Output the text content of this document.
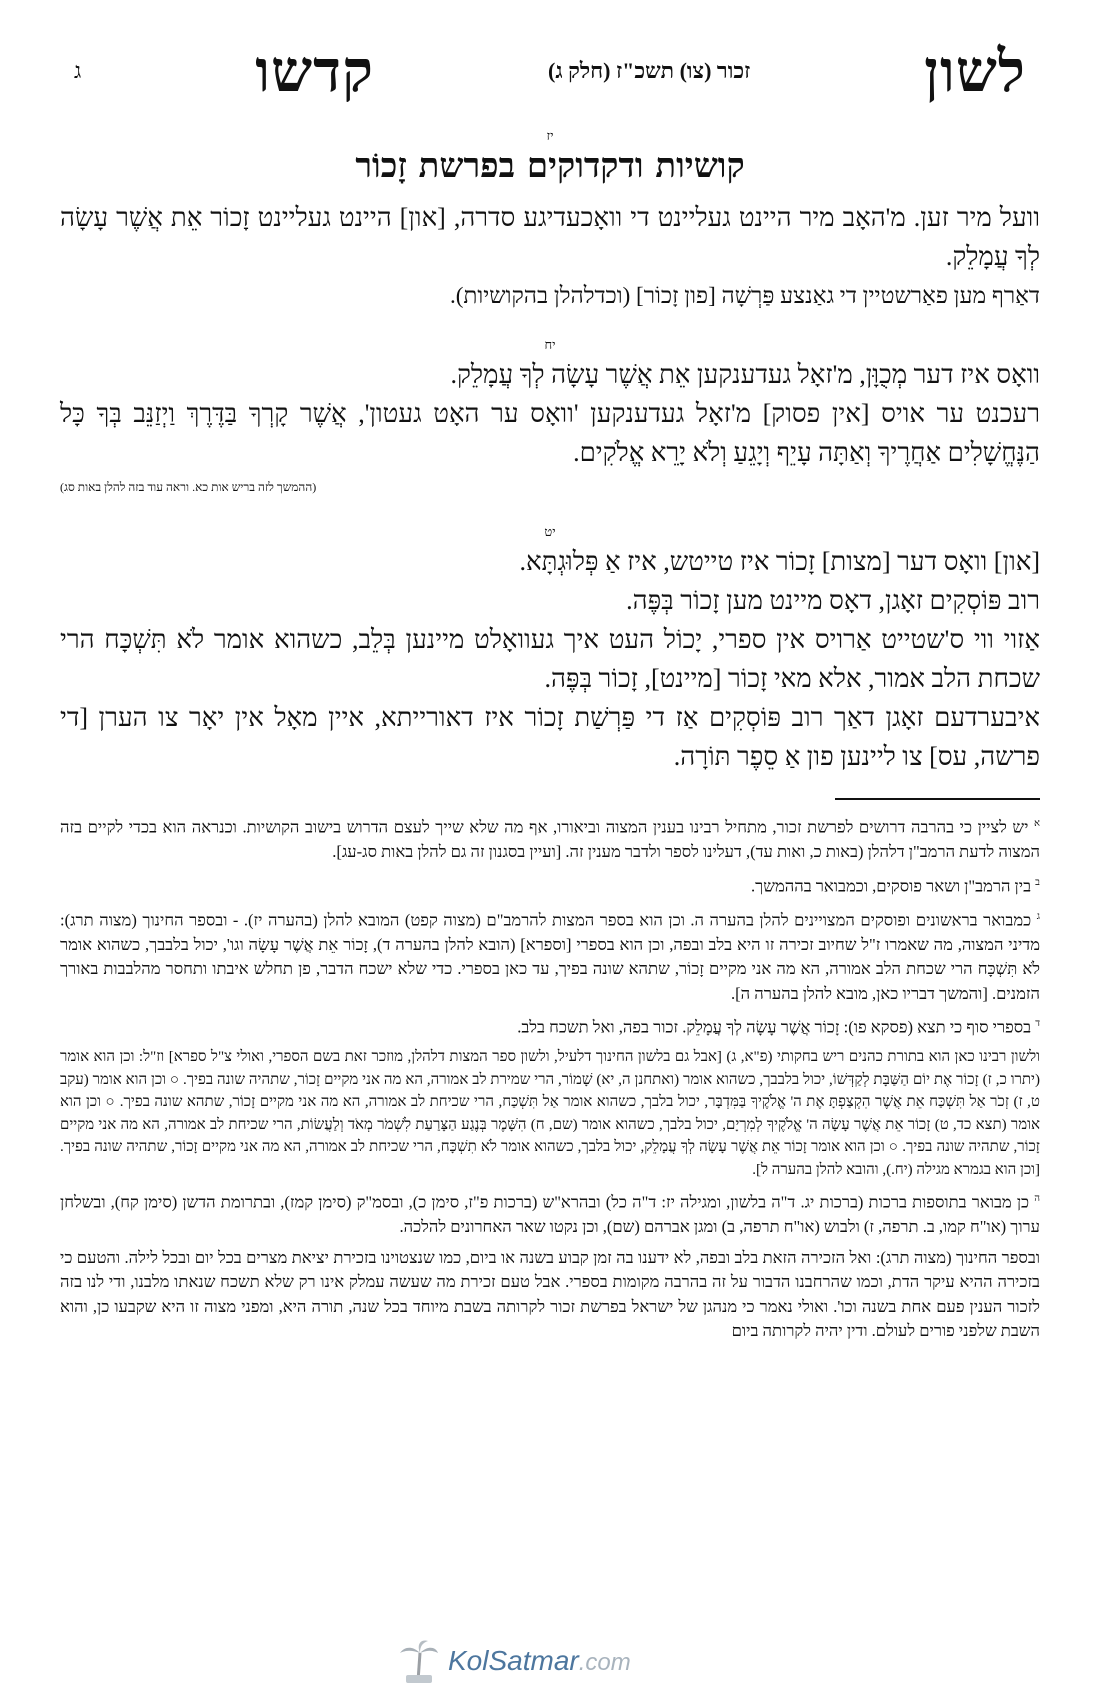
לשון
זכור (צו) תשכ"ז (חלק ג)
קדשו
ג
יז
קושיות ודקדוקים בפרשת זָכוֹר

וועל מיר זען. מ'האָב מיר היינט געליינט די וואָכעדיגע סדרה, [און] היינט געליינט זָכוֹר אֵת אֲשֶׁר עָשָׂה לְךָ עֲמָלֵק.

דאַרף מען פאַרשטיין די גאַנצע פַּרְשָׁה [פון זָכוֹר] (וכדלהלן בהקושיות).

יח

וואָס איז דער מְכֻוָּן, מ'זאָל געדענקען אֵת אֲשֶׁר עָשָׂה לְךָ עֲמָלֵק.

רעכנט ער אויס [אין פסוק] מ'זאָל געדענקען 'וואָס ער האָט געטון', אֲשֶׁר קָרְךָ בַּדֶּרֶךְ וַיְזַנֵּב בְּךָ כָּל הַנֶּחֱשָׁלִים אַחֲרֶיךָ וְאַתָּה עָיֵף וְיָגֵעַ וְלֹא יָרֵא אֱלֹקִים.

(ההמשך לזה בריש אות כא. וראה עוד בזה להלן באות סג)

יט

[און] וואָס דער [מצות] זָכוֹר איז טייטש, איז אַ פְּלוּגְתָּא.

רוב פּוֹסְקִים זאָגן, דאָס מיינט מען זָכוֹר בְּפֶּה.

אַזוי ווי ס'שטייט אַרויס אין ספרי, יָכוֹל העט איך געוואָלט מיינען בְּלֵב, כשהוא אומר לֹא תִּשְׁכָּח הרי שכחת הלב אמור, אלא מאי זָכוֹר [מיינט], זָכוֹר בְּפֶּה.

איבערדעם זאָגן דאַך רוב פּוֹסְקִים אַז די פַּרְשַׁת זָכוֹר איז דאורייתא, איין מאָל אין יאָר צו הערן [די פרשה, עס] צו ליינען פון אַ סֵפֶר תּוֹרָה.

$^א$ יש לציין כי בהרבה דרושים לפרשת זכור, מתחיל רבינו בענין המצוה וביאורו, אף מה שלא שייך לעצם הדרוש בישוב הקושיות. וכנראה הוא בכדי לקיים בזה המצוה לדעת הרמב"ן דלהלן (באות כ, ואות עד), דעלינו לספר ולדבר מענין זה. [ועיין בסגנון זה גם להלן באות סג-עג].

$^ב$ בין הרמב"ן ושאר פוסקים, וכמבואר בההמשך.

$^ג$ כמבואר בראשונים ופוסקים המצויינים להלן בהערה ה. וכן הוא בספר המצות להרמב"ם (מצוה קפט) המובא להלן (בהערה יז). - ובספר החינוך (מצוה תרג): מדיני המצוה, מה שאמרו ז"ל שחיוב זכירה זו היא בלב ובפה, וכן הוא בספרי [וספרא] (הובא להלן בהערה ד), זָכוֹר אֵת אֲשֶׁר עָשָׂה וגו', יכול בלבבך, כשהוא אומר לֹא תִּשְׁכָּח הרי שכחת הלב אמורה, הא מה אני מקיים זָכוֹר, שתהא שונה בפיך, עד כאן בספרי. כדי שלא ישכח הדבר, פן תחלש איבתו ותחסר מהלבבות באורך הזמנים. [והמשך דבריו כאן, מובא להלן בהערה ה].

$^ד$ בספרי סוף כי תצא (פסקא פו): זָכוֹר אֲשֶׁר עָשָׂה לְךָ עֲמָלֵק. זכור בפה, ואל תשכח בלב.

ולשון רבינו כאן הוא בתורת כהנים ריש בחקותי (פ"א, ג) [אבל גם בלשון החינוך דלעיל, ולשון ספר המצות דלהלן, מוזכר זאת בשם הספרי, ואולי צ"ל ספרא] וז"ל: וכן הוא אומר (יתרו כ, ז) זָכוֹר אֶת יוֹם הַשַּׁבָּת לְקַדְּשׁוֹ, יכול בלבבך, כשהוא אומר (ואתחנן ה, יא) שָׁמוֹר, הרי שמירת לב אמורה, הא מה אני מקיים זָכוֹר, שתהיה שונה בפיך. ○ וכן הוא אומר (עקב ט, ז) זְכֹר אַל תִּשְׁכַּח אֵת אֲשֶׁר הִקְצַפְתָּ אֶת ה' אֱלֹקֶיךָ בַּמִּדְבָּר, יכול בלבך, כשהוא אומר אַל תִּשְׁכַּח, הרי שכיחת לב אמורה, הא מה אני מקיים זָכוֹר, שתהא שונה בפיך. ○ וכן הוא אומר (תצא כד, ט) זָכוֹר אֵת אֲשֶׁר עָשָׂה ה' אֱלֹקֶיךָ לְמִרְיָם, יכול בלבך, כשהוא אומר (שם, ח) הִשָּׁמֶר בְּנֶגַע הַצָּרַעַת לִשְׁמֹר מְאֹד וְלַעֲשׂוֹת, הרי שכיחת לב אמורה, הא מה אני מקיים זָכוֹר, שתהיה שונה בפיך. ○ וכן הוא אומר זָכוֹר אֵת אֲשֶׁר עָשָׂה לְךָ עֲמָלֵק, יכול בלבך, כשהוא אומר לֹא תִשְׁכָּח, הרי שכיחת לב אמורה, הא מה אני מקיים זָכוֹר, שתהיה שונה בפיך. [וכן הוא בגמרא מגילה (יח.), והובא להלן בהערה ל].

$^ה$ כן מבואר בתוספות ברכות (ברכות יג. ד"ה בלשון, ומגילה יז: ד"ה כל) ובהרא"ש (ברכות פ"ז, סימן כ), ובסמ"ק (סימן קמז), ובתרומת הדשן (סימן קח), ובשלחן ערוך (או"ח קמו, ב. תרפה, ז) ולבוש (או"ח תרפה, ב) ומגן אברהם (שם), וכן נקטו שאר האחרונים להלכה.

ובספר החינוך (מצוה תרג): ואל הזכירה הזאת בלב ובפה, לא ידענו בה זמן קבוע בשנה או ביום, כמו שנצטוינו בזכירת יציאת מצרים בכל יום ובכל לילה. והטעם כי בזכירה ההיא עיקר הדת, וכמו שהרחבנו הדבור על זה בהרבה מקומות בספרי. אבל טעם זכירת מה שעשה עמלק אינו רק שלא תשכח שנאתו מלבנו, ודי לנו בזה לזכור הענין פעם אחת בשנה וכו'. ואולי נאמר כי מנהגן של ישראל בפרשת זכור לקרותה בשבת מיוחד בכל שנה, תורה היא, ומפני מצוה זו היא שקבעו כן, והוא השבת שלפני פורים לעולם. ודין יהיה לקרותה ביום

KolSatmar.com
